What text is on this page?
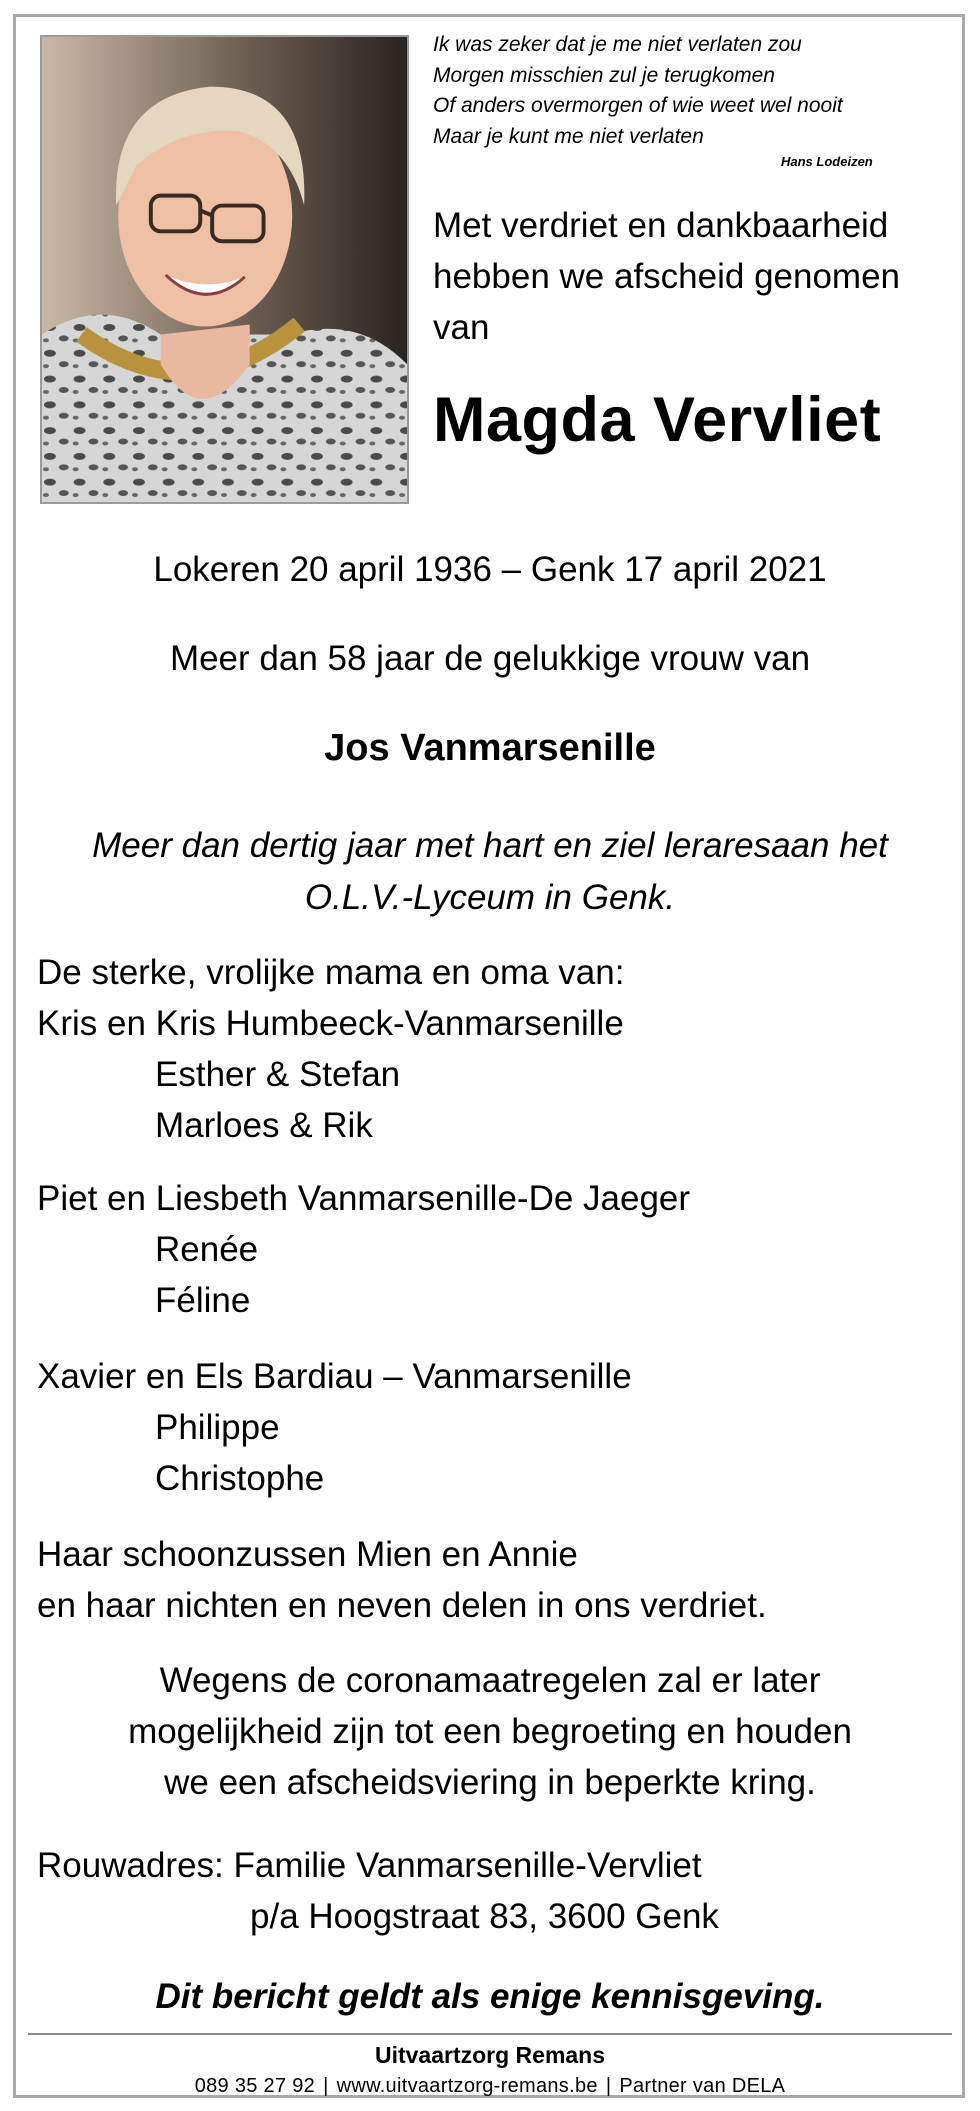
Ik was zeker dat je me niet verlaten zou
Morgen misschien zul je terugkomen
Of anders overmorgen of wie weet wel nooit
Maar je kunt me niet verlaten
Hans Lodeizen
Met verdriet en dankbaarheid
hebben we afscheid genomen
van
Magda Vervliet
Lokeren 20 april 1936 – Genk 17 april 2021
Meer dan 58 jaar de gelukkige vrouw van
Jos Vanmarsenille
Meer dan dertig jaar met hart en ziel leraresaan het
O.L.V.-Lyceum in Genk.
De sterke, vrolijke mama en oma van:
Kris en Kris Humbeeck-Vanmarsenille
Esther & Stefan
Marloes & Rik
Piet en Liesbeth Vanmarsenille-De Jaeger
Renée
Féline
Xavier en Els Bardiau – Vanmarsenille
Philippe
Christophe
Haar schoonzussen Mien en Annie
en haar nichten en neven delen in ons verdriet.
Wegens de coronamaatregelen zal er later
mogelijkheid zijn tot een begroeting en houden
we een afscheidsviering in beperkte kring.
Rouwadres: Familie Vanmarsenille-Vervliet
p/a Hoogstraat 83, 3600 Genk
Dit bericht geldt als enige kennisgeving.
Uitvaartzorg Remans
089 35 27 92 | www.uitvaartzorg-remans.be | Partner van DELA
